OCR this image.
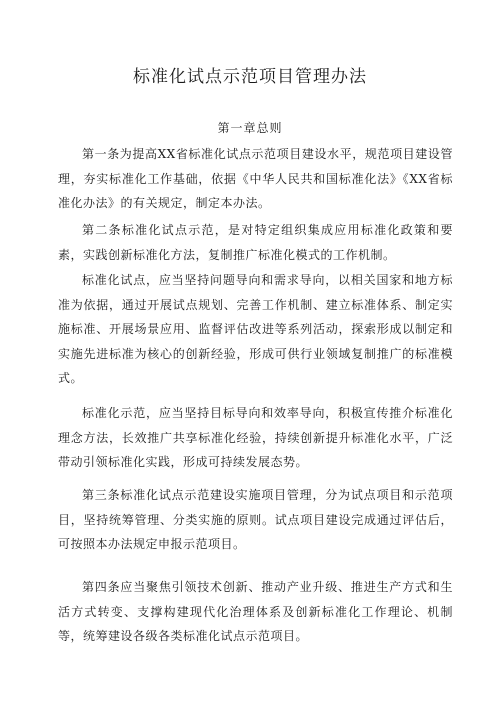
标准化试点示范项目管理办法
第一章总则

第一条为提高XX省标准化试点示范项目建设水平，规范项目建设管理，夯实标准化工作基础，依据《中华人民共和国标准化法》《XX省标准化办法》的有关规定，制定本办法。

第二条标准化试点示范，是对特定组织集成应用标准化政策和要素，实践创新标准化方法，复制推广标准化模式的工作机制。

标准化试点，应当坚持问题导向和需求导向，以相关国家和地方标准为依据，通过开展试点规划、完善工作机制、建立标准体系、制定实施标准、开展场景应用、监督评估改进等系列活动，探索形成以制定和实施先进标准为核心的创新经验，形成可供行业领域复制推广的标准模式。

标准化示范，应当坚持目标导向和效率导向，积极宣传推介标准化理念方法，长效推广共享标准化经验，持续创新提升标准化水平，广泛带动引领标准化实践，形成可持续发展态势。

第三条标准化试点示范建设实施项目管理，分为试点项目和示范项目，坚持统筹管理、分类实施的原则。试点项目建设完成通过评估后，可按照本办法规定申报示范项目。

第四条应当聚焦引领技术创新、推动产业升级、推进生产方式和生活方式转变、支撑构建现代化治理体系及创新标准化工作理论、机制等，统筹建设各级各类标准化试点示范项目。
